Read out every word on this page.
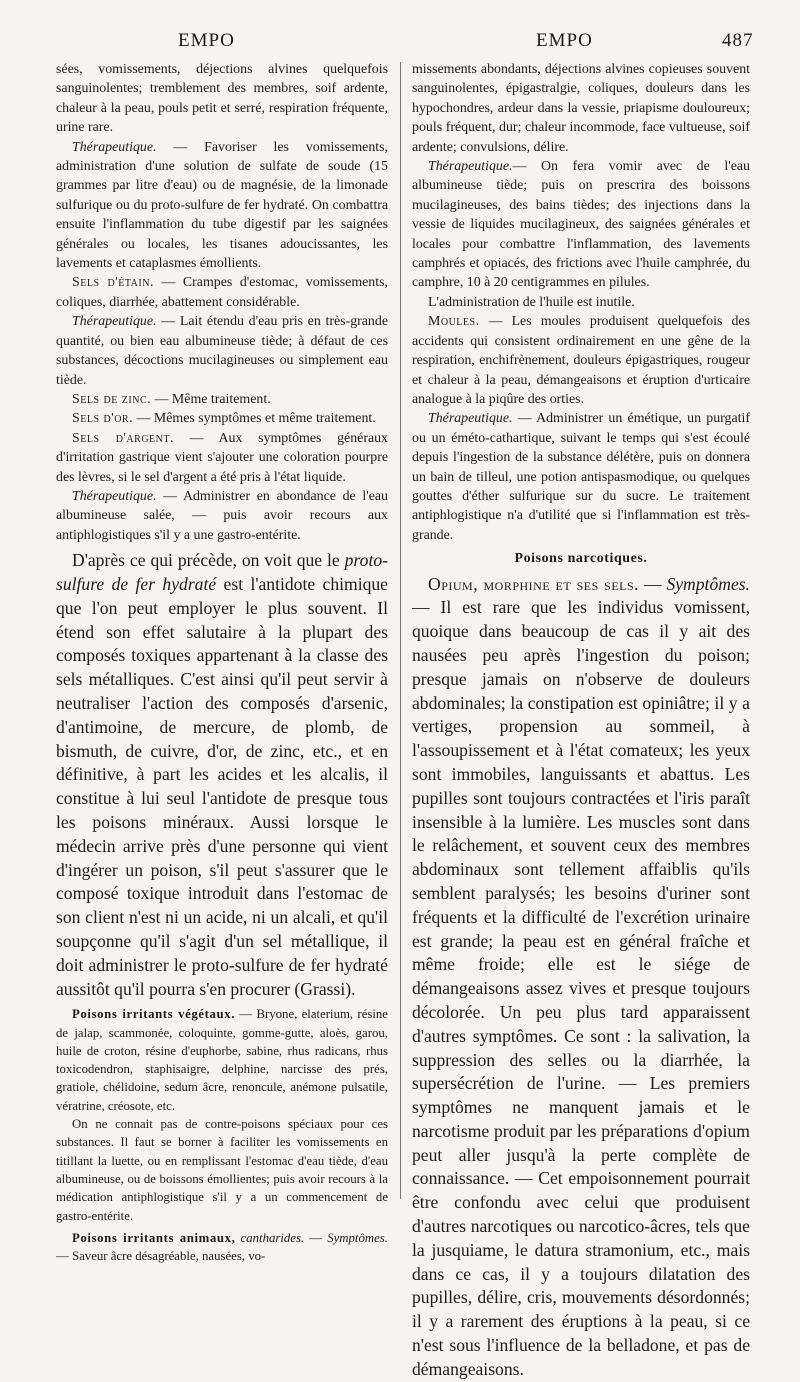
EMPO	EMPO	487

sées, vomissements, déjections alvines quelquefois sanguinolentes; tremblement des membres, soif ardente, chaleur à la peau, pouls petit et serré, respiration fréquente, urine rare.

Thérapeutique. — Favoriser les vomissements, administration d'une solution de sulfate de soude (15 grammes par litre d'eau) ou de magnésie, de la limonade sulfurique ou du proto-sulfure de fer hydraté. On combattra ensuite l'inflammation du tube digestif par les saignées générales ou locales, les tisanes adoucissantes, les lavements et cataplasmes émollients.

Sels d'étain. — Crampes d'estomac, vomissements, coliques, diarrhée, abattement considérable.

Thérapeutique. — Lait étendu d'eau pris en très-grande quantité, ou bien eau albumineuse tiède; à défaut de ces substances, décoctions mucilagineuses ou simplement eau tiède.

Sels de zinc. — Même traitement.

Sels d'or. — Mêmes symptômes et même traitement.

Sels d'argent. — Aux symptômes généraux d'irritation gastrique vient s'ajouter une coloration pourpre des lèvres, si le sel d'argent a été pris à l'état liquide.

Thérapeutique. — Administrer en abondance de l'eau albumineuse salée, — puis avoir recours aux antiphlogistiques s'il y a une gastro-entérite.

D'après ce qui précède, on voit que le proto-sulfure de fer hydraté est l'antidote chimique que l'on peut employer le plus souvent. Il étend son effet salutaire à la plupart des composés toxiques appartenant à la classe des sels métalliques. C'est ainsi qu'il peut servir à neutraliser l'action des composés d'arsenic, d'antimoine, de mercure, de plomb, de bismuth, de cuivre, d'or, de zinc, etc., et en définitive, à part les acides et les alcalis, il constitue à lui seul l'antidote de presque tous les poisons minéraux. Aussi lorsque le médecin arrive près d'une personne qui vient d'ingérer un poison, s'il peut s'assurer que le composé toxique introduit dans l'estomac de son client n'est ni un acide, ni un alcali, et qu'il soupçonne qu'il s'agit d'un sel métallique, il doit administrer le proto-sulfure de fer hydraté aussitôt qu'il pourra s'en procurer (Grassi).

Poisons irritants végétaux. — Bryone, elaterium, résine de jalap, scammonée, coloquinte, gomme-gutte, aloès, garou, huile de croton, résine d'euphorbe, sabine, rhus radicans, rhus toxicodendron, staphisaigre, delphine, narcisse des prés, gratiole, chélidoine, sedum âcre, renoncule, anémone pulsatile, vératrine, créosote, etc.

On ne connait pas de contre-poisons spéciaux pour ces substances. Il faut se borner à faciliter les vomissements en titillant la luette, ou en remplissant l'estomac d'eau tiède, d'eau albumineuse, ou de boissons émollientes; puis avoir recours à la médication antiphlogistique s'il y a un commencement de gastro-entérite.

Poisons irritants animaux, cantharides. — Symptômes.— Saveur âcre désagréable, nausées, vo-

missements abondants, déjections alvines copieuses souvent sanguinolentes, épigastralgie, coliques, douleurs dans les hypochondres, ardeur dans la vessie, priapisme douloureux; pouls fréquent, dur; chaleur incommode, face vultueuse, soif ardente; convulsions, délire.

Thérapeutique.— On fera vomir avec de l'eau albumineuse tiède; puis on prescrira des boissons mucilagineuses, des bains tièdes; des injections dans la vessie de liquides mucilagineux, des saignées générales et locales pour combattre l'inflammation, des lavements camphrés et opiacés, des frictions avec l'huile camphrée, du camphre, 10 à 20 centigrammes en pilules.

L'administration de l'huile est inutile.

Moules. — Les moules produisent quelquefois des accidents qui consistent ordinairement en une gêne de la respiration, enchifrènement, douleurs épigastriques, rougeur et chaleur à la peau, démangeaisons et éruption d'urticaire analogue à la piqûre des orties.

Thérapeutique. — Administrer un émétique, un purgatif ou un éméto-cathartique, suivant le temps qui s'est écoulé depuis l'ingestion de la substance délétère, puis on donnera un bain de tilleul, une potion antispasmodique, ou quelques gouttes d'éther sulfurique sur du sucre. Le traitement antiphlogistique n'a d'utilité que si l'inflammation est très-grande.

Poisons narcotiques.

Opium, morphine et ses sels. — Symptômes. — Il est rare que les individus vomissent, quoique dans beaucoup de cas il y ait des nausées peu après l'ingestion du poison; presque jamais on n'observe de douleurs abdominales; la constipation est opiniâtre; il y a vertiges, propension au sommeil, à l'assoupissement et à l'état comateux; les yeux sont immobiles, languissants et abattus. Les pupilles sont toujours contractées et l'iris paraît insensible à la lumière. Les muscles sont dans le relâchement, et souvent ceux des membres abdominaux sont tellement affaiblis qu'ils semblent paralysés; les besoins d'uriner sont fréquents et la difficulté de l'excrétion urinaire est grande; la peau est en général fraîche et même froide; elle est le siége de démangeaisons assez vives et presque toujours décolorée. Un peu plus tard apparaissent d'autres symptômes. Ce sont : la salivation, la suppression des selles ou la diarrhée, la supersécrétion de l'urine. — Les premiers symptômes ne manquent jamais et le narcotisme produit par les préparations d'opium peut aller jusqu'à la perte complète de connaissance. — Cet empoisonnement pourrait être confondu avec celui que produisent d'autres narcotiques ou narcotico-âcres, tels que la jusquiame, le datura stramonium, etc., mais dans ce cas, il y a toujours dilatation des pupilles, délire, cris, mouvements désordonnés; il y a rarement des éruptions à la peau, si ce n'est sous l'influence de la belladone, et pas de démangeaisons.
